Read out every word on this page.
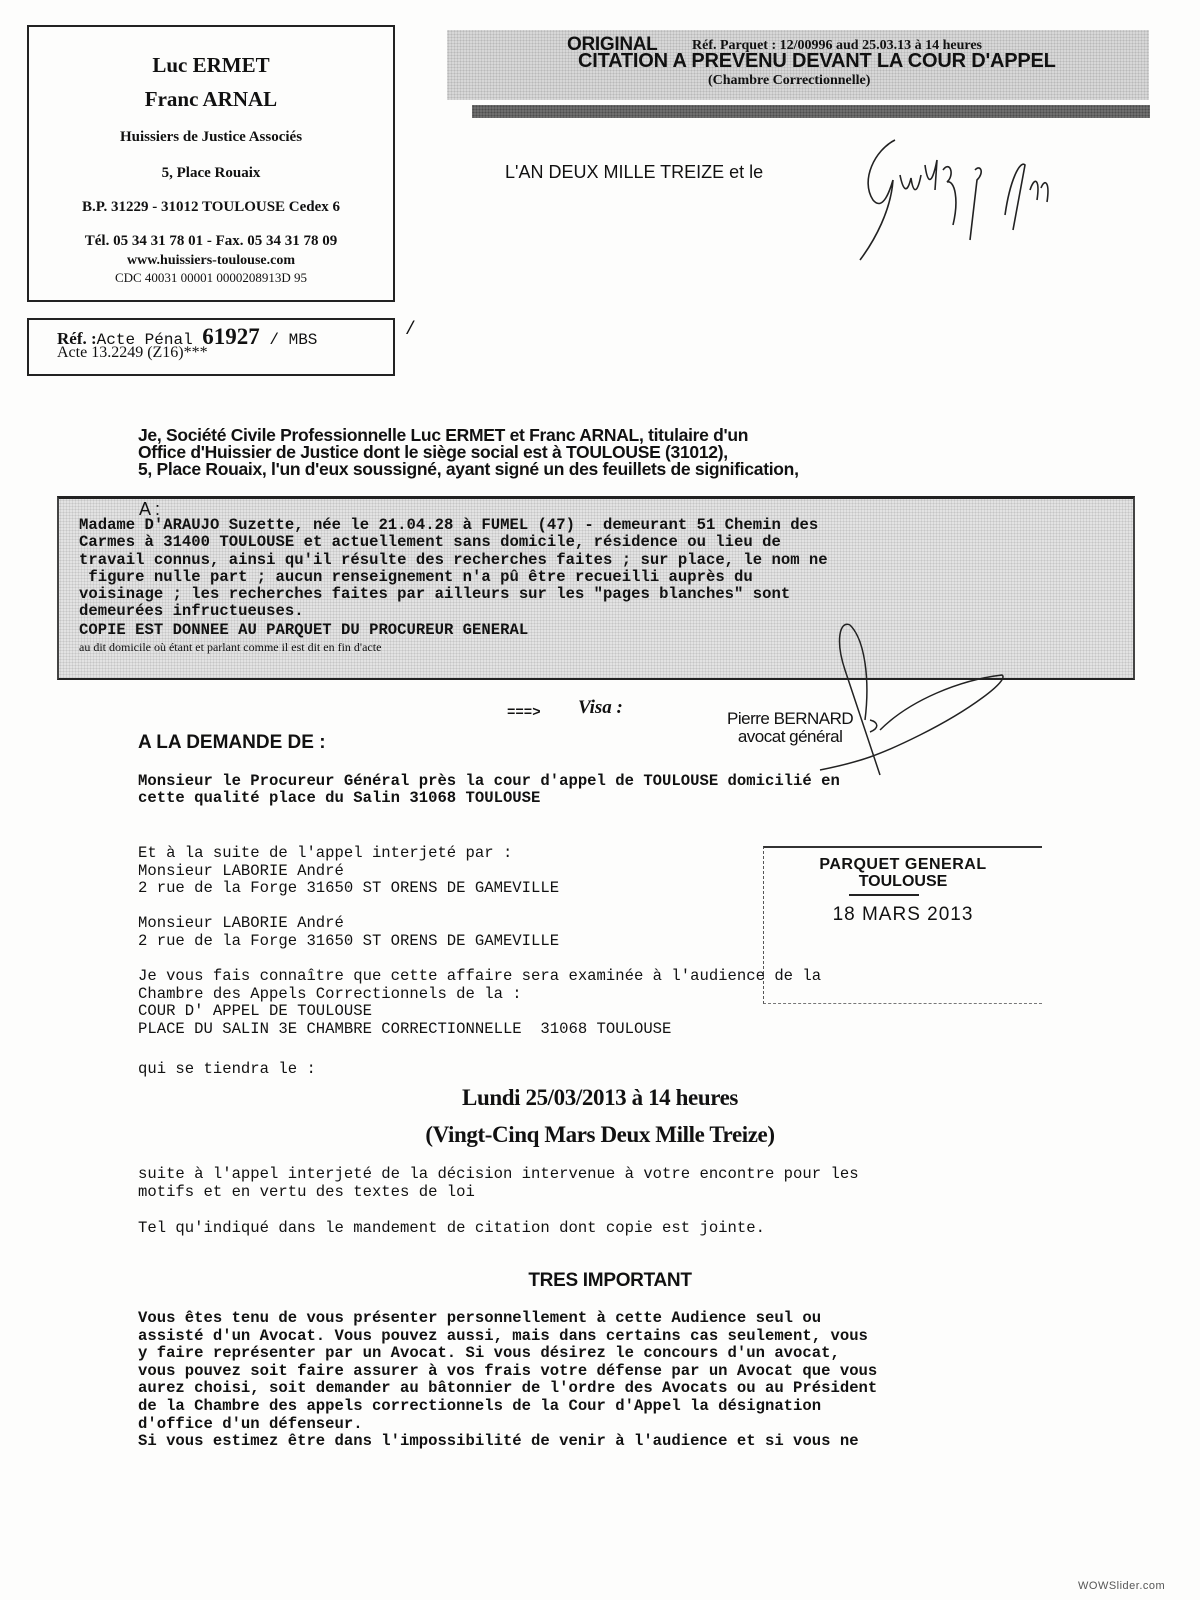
Luc ERMET
Franc ARNAL
Huissiers de Justice Associés
5, Place Rouaix
B.P. 31229 - 31012 TOULOUSE Cedex 6
Tél. 05 34 31 78 01 - Fax. 05 34 31 78 09
www.huissiers-toulouse.com
CDC 40031 00001 0000208913D 95
Réf. :Acte Pénal 61927 / MBS
Acte 13.2249 (Z16)***
/
ORIGINAL Réf. Parquet : 12/00996 aud 25.03.13 à 14 heures
CITATION A PREVENU DEVANT LA COUR D'APPEL
(Chambre Correctionnelle)
L'AN DEUX MILLE TREIZE et le
Je, Société Civile Professionnelle Luc ERMET et Franc ARNAL, titulaire d'un
Office d'Huissier de Justice dont le siège social est à TOULOUSE (31012),
5, Place Rouaix, l'un d'eux soussigné, ayant signé un des feuillets de signification,
A :
Madame D'ARAUJO Suzette, née le 21.04.28 à FUMEL (47) - demeurant 51 Chemin des
Carmes à 31400 TOULOUSE et actuellement sans domicile, résidence ou lieu de
travail connus, ainsi qu'il résulte des recherches faites ; sur place, le nom ne
figure nulle part ; aucun renseignement n'a pû être recueilli auprès du
voisinage ; les recherches faites par ailleurs sur les "pages blanches" sont
demeurées infructueuses.
COPIE EST DONNEE AU PARQUET DU PROCUREUR GENERAL
au dit domicile où étant et parlant comme il est dit en fin d'acte
===> Visa :
Pierre BERNARD
avocat général
A LA DEMANDE DE :
Monsieur le Procureur Général près la cour d'appel de TOULOUSE domicilié en
cette qualité place du Salin 31068 TOULOUSE
Et à la suite de l'appel interjeté par :
Monsieur LABORIE André
2 rue de la Forge 31650 ST ORENS DE GAMEVILLE
Monsieur LABORIE André
2 rue de la Forge 31650 ST ORENS DE GAMEVILLE
PARQUET GENERAL
TOULOUSE
18 MARS 2013
Je vous fais connaître que cette affaire sera examinée à l'audience de la
Chambre des Appels Correctionnels de la :
COUR D' APPEL DE TOULOUSE
PLACE DU SALIN 3E CHAMBRE CORRECTIONNELLE  31068 TOULOUSE
qui se tiendra le :
Lundi 25/03/2013 à 14 heures
(Vingt-Cinq Mars Deux Mille Treize)
suite à l'appel interjeté de la décision intervenue à votre encontre pour les
motifs et en vertu des textes de loi
Tel qu'indiqué dans le mandement de citation dont copie est jointe.
TRES IMPORTANT
Vous êtes tenu de vous présenter personnellement à cette Audience seul ou
assisté d'un Avocat. Vous pouvez aussi, mais dans certains cas seulement, vous
y faire représenter par un Avocat. Si vous désirez le concours d'un avocat,
vous pouvez soit faire assurer à vos frais votre défense par un Avocat que vous
aurez choisi, soit demander au bâtonnier de l'ordre des Avocats ou au Président
de la Chambre des appels correctionnels de la Cour d'Appel la désignation
d'office d'un défenseur.
Si vous estimez être dans l'impossibilité de venir à l'audience et si vous ne
WOWSlider.com
